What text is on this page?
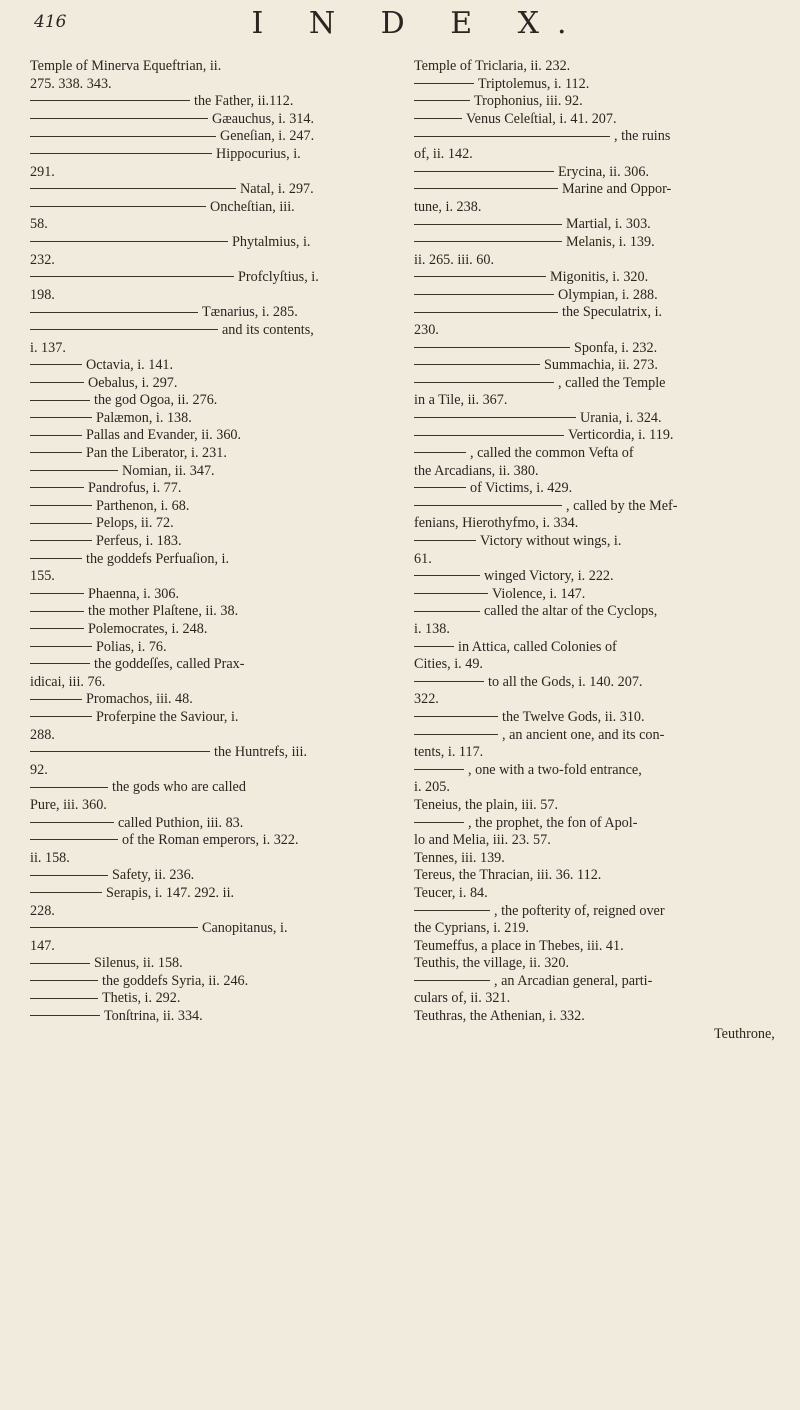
416	I N D E X.
Temple of Minerva Equeftrian, ii.
275. 338. 343.
the Father, ii.112.
Gæauchus, i. 314.
Geneſian, i. 247.
Hippocurius, i.
291.
Natal, i. 297.
Oncheſtian, iii.
58.
Phytalmius, i.
232.
Profclyſtius, i.
198.
Tænarius, i. 285.
and its contents,
i. 137.
Octavia, i. 141.
Oebalus, i. 297.
the god Ogoa, ii. 276.
Palæmon, i. 138.
Pallas and Evander, ii. 360.
Pan the Liberator, i. 231.
Nomian, ii. 347.
Pandrofus, i. 77.
Parthenon, i. 68.
Pelops, ii. 72.
Perfeus, i. 183.
the goddefs Perfuaſion, i.
155.
Phaenna, i. 306.
the mother Plaſtene, ii. 38.
Polemocrates, i. 248.
Polias, i. 76.
the goddeſſes, called Prax-
idicai, iii. 76.
Promachos, iii. 48.
Proferpine the Saviour, i.
288.
the Huntrefs, iii.
92.
the gods who are called
Pure, iii. 360.
called Puthion, iii. 83.
of the Roman emperors, i. 322.
ii. 158.
Safety, ii. 236.
Serapis, i. 147. 292. ii.
228.
Canopitanus, i.
147.
Silenus, ii. 158.
the goddefs Syria, ii. 246.
Thetis, i. 292.
Tonſtrina, ii. 334.
Temple of Triclaria, ii. 232.
Triptolemus, i. 112.
Trophonius, iii. 92.
Venus Celeſtial, i. 41. 207.
, the ruins
of, ii. 142.
Erycina, ii. 306.
Marine and Oppor-
tune, i. 238.
Martial, i. 303.
Melanis, i. 139.
ii. 265. iii. 60.
Migonitis, i. 320.
Olympian, i. 288.
the Speculatrix, i.
230.
Sponfa, i. 232.
Summachia, ii. 273.
, called the Temple
in a Tile, ii. 367.
Urania, i. 324.
Verticordia, i. 119.
, called the common Vefta of
the Arcadians, ii. 380.
of Victims, i. 429.
, called by the Mef-
fenians, Hierothyfmo, i. 334.
Victory without wings, i.
61.
winged Victory, i. 222.
Violence, i. 147.
called the altar of the Cyclops,
i. 138.
in Attica, called Colonies of
Cities, i. 49.
to all the Gods, i. 140. 207.
322.
the Twelve Gods, ii. 310.
, an ancient one, and its con-
tents, i. 117.
, one with a two-fold entrance,
i. 205.
Teneius, the plain, iii. 57.
, the prophet, the fon of Apol-
lo and Melia, iii. 23. 57.
Tennes, iii. 139.
Tereus, the Thracian, iii. 36. 112.
Teucer, i. 84.
, the pofterity of, reigned over
the Cyprians, i. 219.
Teumeffus, a place in Thebes, iii. 41.
Teuthis, the village, ii. 320.
, an Arcadian general, parti-
culars of, ii. 321.
Teuthras, the Athenian, i. 332.
Teuthrone,
